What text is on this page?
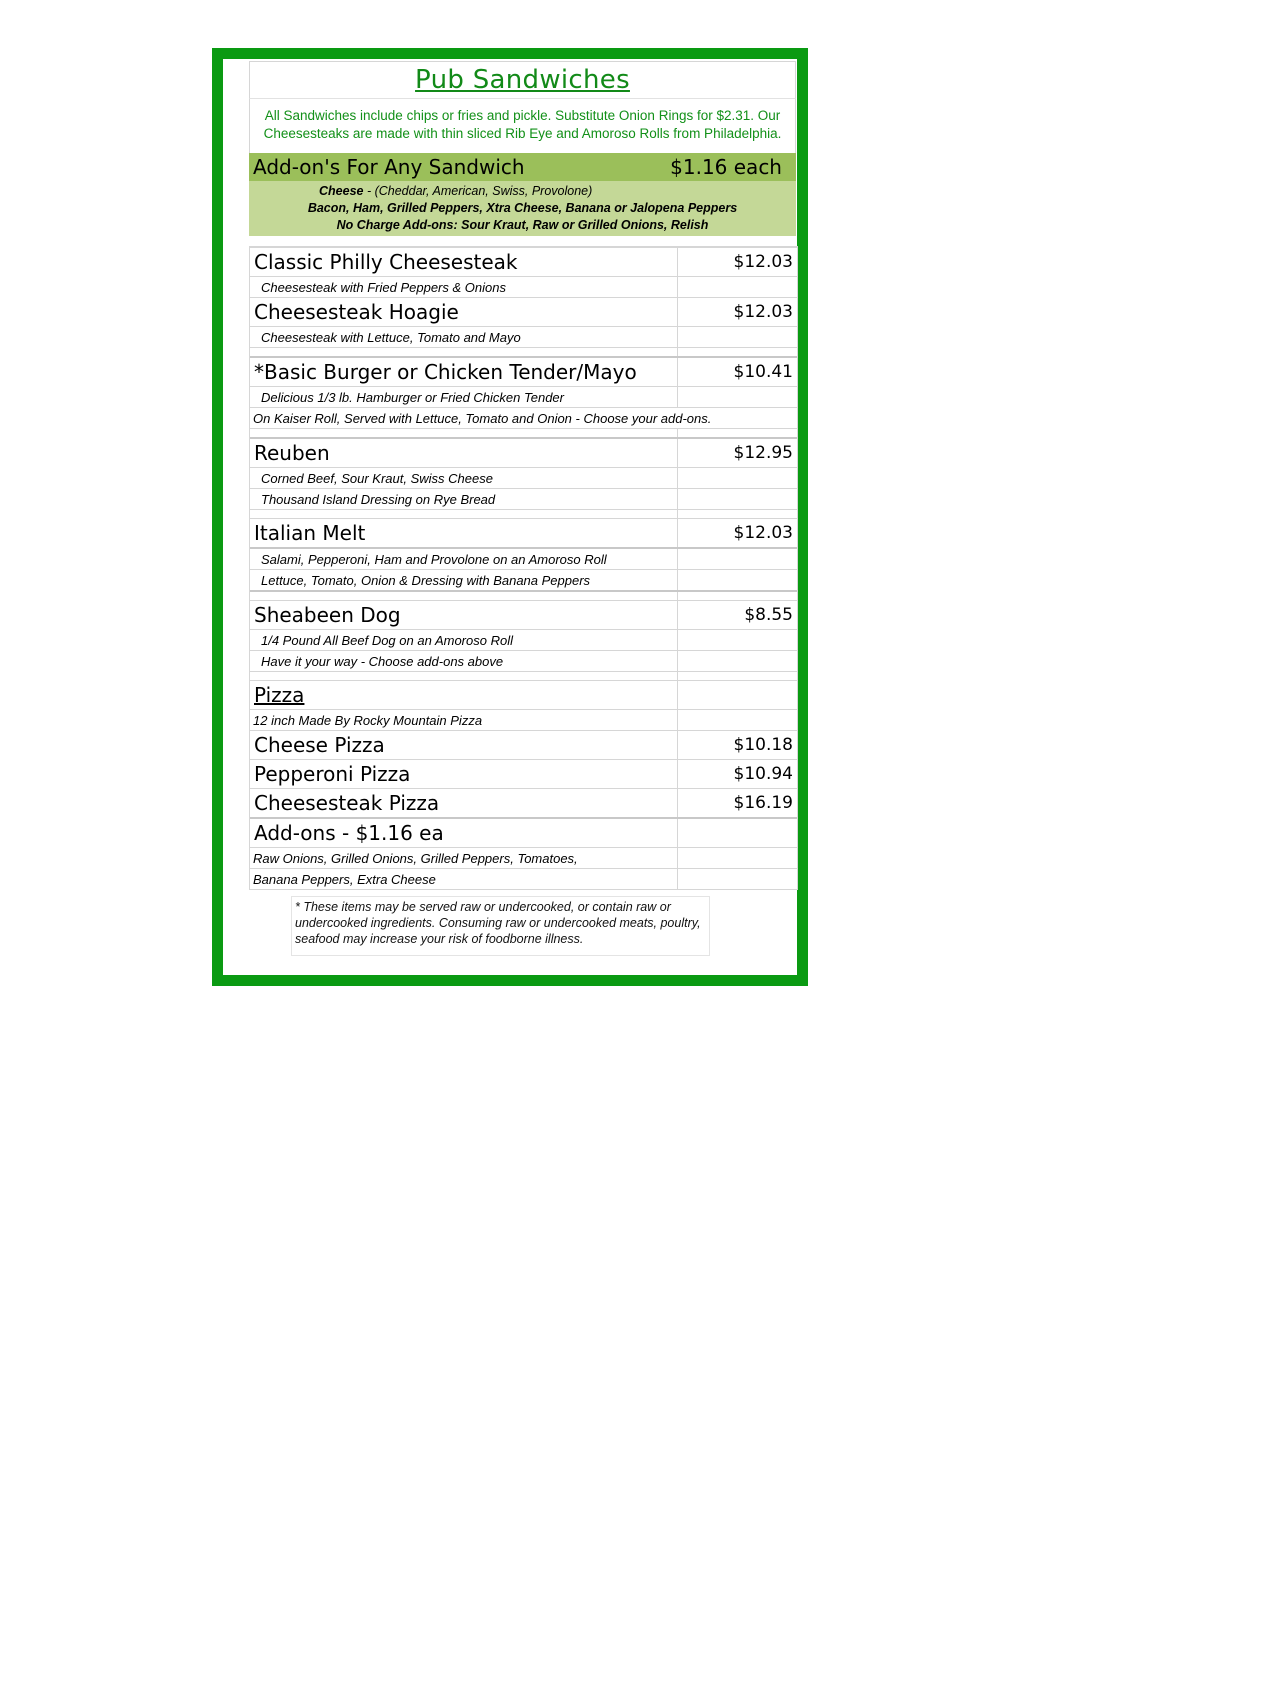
Pub Sandwiches
All Sandwiches include chips or fries and pickle. Substitute Onion Rings for $2.31. Our Cheesesteaks are made with thin sliced Rib Eye and Amoroso Rolls from Philadelphia.
Add-on's For Any Sandwich	$1.16 each
Cheese - (Cheddar, American, Swiss, Provolone)
Bacon, Ham, Grilled Peppers, Xtra Cheese, Banana or Jalopena Peppers
No Charge Add-ons: Sour Kraut, Raw or Grilled Onions, Relish
Classic Philly Cheesesteak	$12.03
Cheesesteak with Fried Peppers & Onions
Cheesesteak Hoagie	$12.03
Cheesesteak with Lettuce, Tomato and Mayo
*Basic Burger or Chicken Tender/Mayo	$10.41
Delicious 1/3 lb. Hamburger or Fried Chicken Tender
On Kaiser Roll, Served with Lettuce, Tomato and Onion - Choose your add-ons.
Reuben	$12.95
Corned Beef, Sour Kraut, Swiss Cheese
Thousand Island Dressing on Rye Bread
Italian Melt	$12.03
Salami, Pepperoni, Ham and Provolone on an Amoroso Roll
Lettuce, Tomato, Onion & Dressing with Banana Peppers
Sheabeen Dog	$8.55
1/4 Pound All Beef Dog on an Amoroso Roll
Have it your way - Choose add-ons above
Pizza
12 inch Made By Rocky Mountain Pizza
Cheese Pizza	$10.18
Pepperoni Pizza	$10.94
Cheesesteak Pizza	$16.19
Add-ons - $1.16 ea
Raw Onions, Grilled Onions, Grilled Peppers, Tomatoes,
Banana Peppers, Extra Cheese
* These items may be served raw or undercooked, or contain raw or undercooked ingredients. Consuming raw or undercooked meats, poultry, seafood may increase your risk of foodborne illness.
